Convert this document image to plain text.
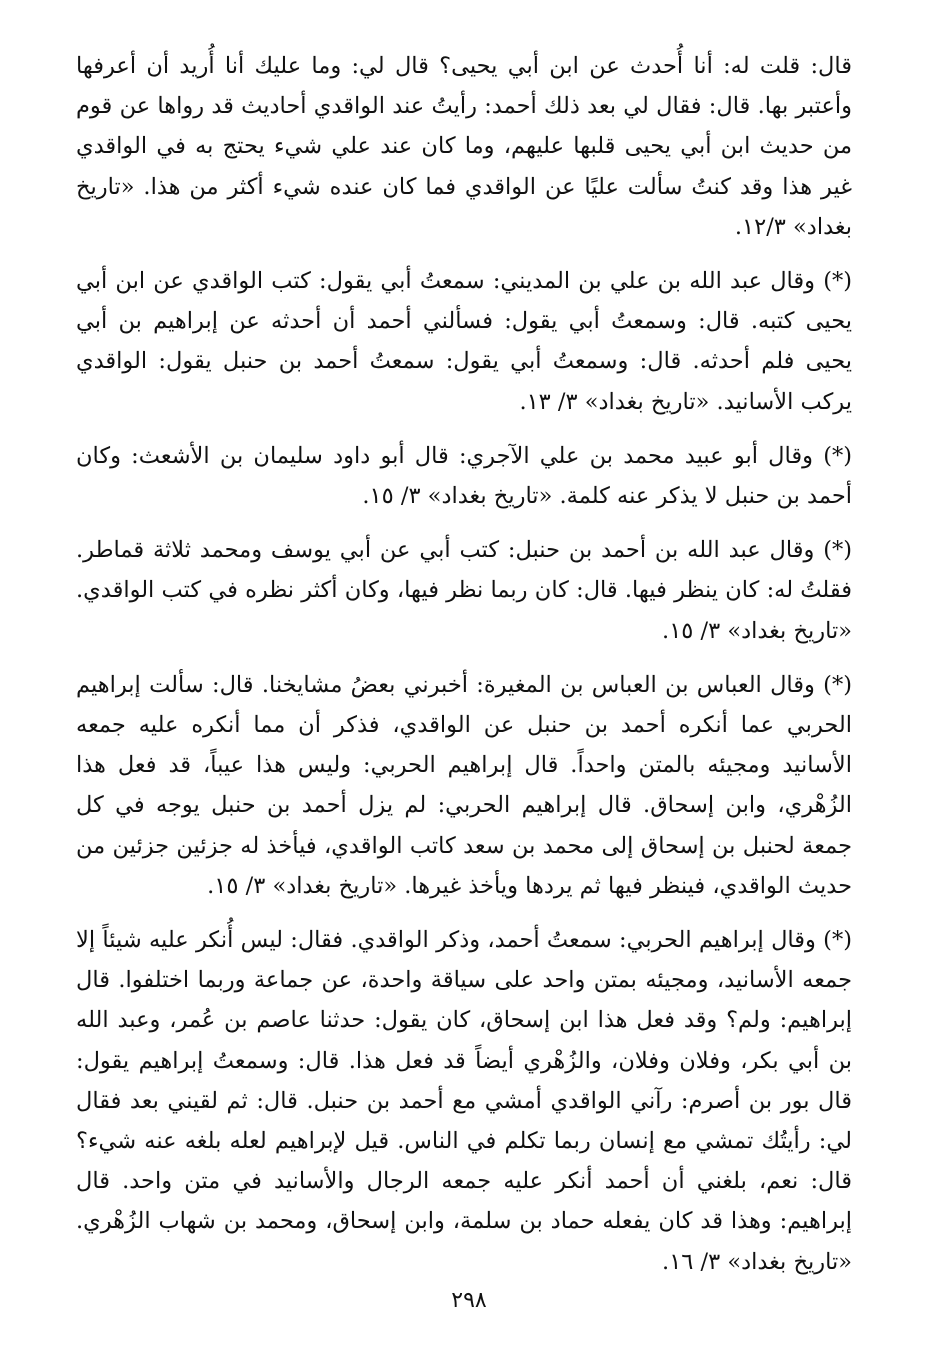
قال: قلت له: أنا أُحدث عن ابن أبي يحيى؟ قال لي: وما عليك أنا أُريد أن أعرفها وأعتبر بها. قال: فقال لي بعد ذلك أحمد: رأيتُ عند الواقدي أحاديث قد رواها عن قوم من حديث ابن أبي يحيى قلبها عليهم، وما كان عند علي شيء يحتج به في الواقدي غير هذا وقد كنتُ سألت عليًا عن الواقدي فما كان عنده شيء أكثر من هذا. «تاريخ بغداد» ١٢/٣.

(*) وقال عبد الله بن علي بن المديني: سمعتُ أبي يقول: كتب الواقدي عن ابن أبي يحيى كتبه. قال: وسمعتُ أبي يقول: فسألني أحمد أن أحدثه عن إبراهيم بن أبي يحيى فلم أحدثه. قال: وسمعتُ أبي يقول: سمعتُ أحمد بن حنبل يقول: الواقدي يركب الأسانيد. «تاريخ بغداد» ٣/ ١٣.

(*) وقال أبو عبيد محمد بن علي الآجري: قال أبو داود سليمان بن الأشعث: وكان أحمد بن حنبل لا يذكر عنه كلمة. «تاريخ بغداد» ٣/ ١٥.

(*) وقال عبد الله بن أحمد بن حنبل: كتب أبي عن أبي يوسف ومحمد ثلاثة قماطر. فقلتُ له: كان ينظر فيها. قال: كان ربما نظر فيها، وكان أكثر نظره في كتب الواقدي. «تاريخ بغداد» ٣/ ١٥.

(*) وقال العباس بن العباس بن المغيرة: أخبرني بعضُ مشايخنا. قال: سألت إبراهيم الحربي عما أنكره أحمد بن حنبل عن الواقدي، فذكر أن مما أنكره عليه جمعه الأسانيد ومجيئه بالمتن واحداً. قال إبراهيم الحربي: وليس هذا عيباً، قد فعل هذا الزُهْري، وابن إسحاق. قال إبراهيم الحربي: لم يزل أحمد بن حنبل يوجه في كل جمعة لحنبل بن إسحاق إلى محمد بن سعد كاتب الواقدي، فيأخذ له جزئين جزئين من حديث الواقدي، فينظر فيها ثم يردها ويأخذ غيرها. «تاريخ بغداد» ٣/ ١٥.

(*) وقال إبراهيم الحربي: سمعتُ أحمد، وذكر الواقدي. فقال: ليس أُنكر عليه شيئاً إلا جمعه الأسانيد، ومجيئه بمتن واحد على سياقة واحدة، عن جماعة وربما اختلفوا. قال إبراهيم: ولم؟ وقد فعل هذا ابن إسحاق، كان يقول: حدثنا عاصم بن عُمر، وعبد الله بن أبي بكر، وفلان وفلان، والزُهْري أيضاً قد فعل هذا. قال: وسمعتُ إبراهيم يقول: قال بور بن أصرم: رآني الواقدي أمشي مع أحمد بن حنبل. قال: ثم لقيني بعد فقال لي: رأيتُك تمشي مع إنسان ربما تكلم في الناس. قيل لإبراهيم لعله بلغه عنه شيء؟ قال: نعم، بلغني أن أحمد أنكر عليه جمعه الرجال والأسانيد في متن واحد. قال إبراهيم: وهذا قد كان يفعله حماد بن سلمة، وابن إسحاق، ومحمد بن شهاب الزُهْري. «تاريخ بغداد» ٣/ ١٦.

٢٩٨
